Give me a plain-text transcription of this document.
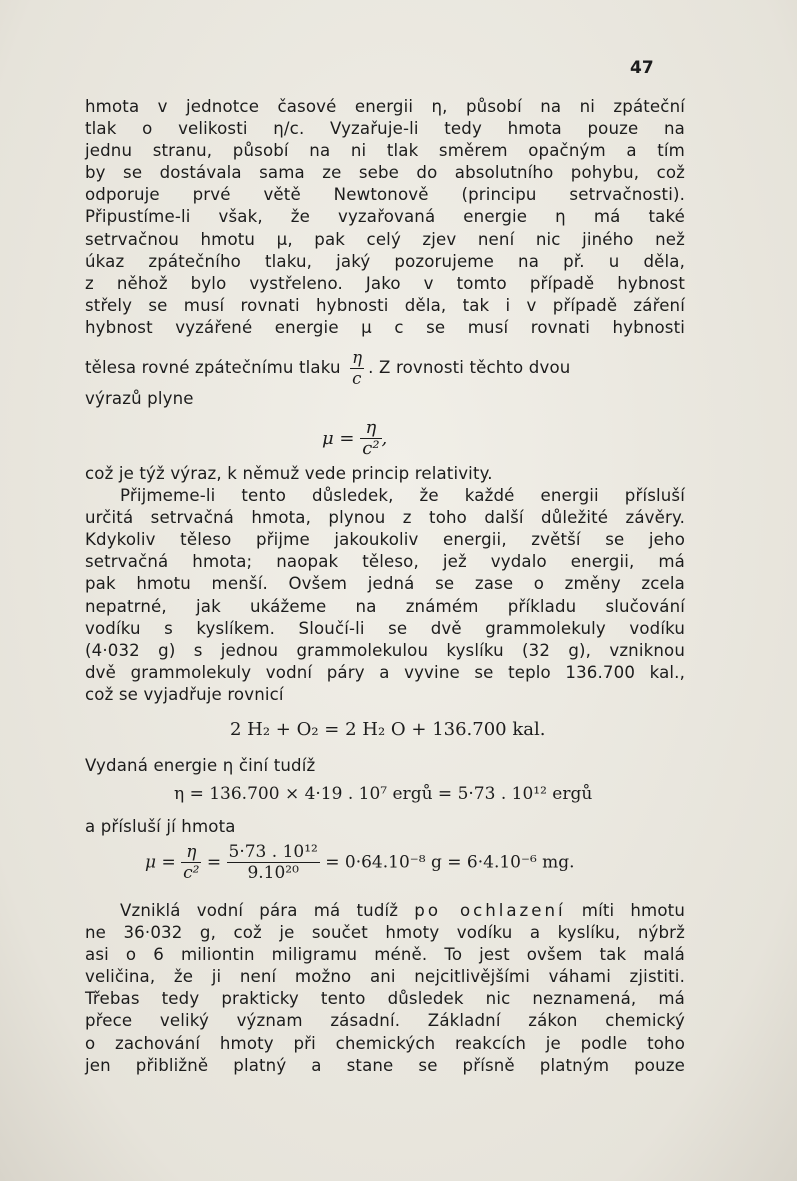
47
hmota v jednotce časové energii η, působí na ni zpáteční
tlak o velikosti η/c. Vyzařuje-li tedy hmota pouze na
jednu stranu, působí na ni tlak směrem opačným a tím
by se dostávala sama ze sebe do absolutního pohybu, což
odporuje prvé větě Newtonově (principu setrvačnosti).
Připustíme-li však, že vyzařovaná energie η má také
setrvačnou hmotu μ, pak celý zjev není nic jiného než
úkaz zpátečního tlaku, jaký pozorujeme na př. u děla,
z něhož bylo vystřeleno. Jako v tomto případě hybnost
střely se musí rovnati hybnosti děla, tak i v případě záření
hybnost vyzářené energie μ c se musí rovnati hybnosti
tělesa rovné zpátečnímu tlaku $\frac{\eta}{c}$ . Z rovnosti těchto dvou
výrazů plyne
$\mu = \frac{\eta}{\text{c²}}$ ,
což je týž výraz, k němuž vede princip relativity.
Přijmeme-li tento důsledek, že každé energii přísluší
určitá setrvačná hmota, plynou z toho další důležité závěry.
Kdykoliv těleso přijme jakoukoliv energii, zvětší se jeho
setrvačná hmota; naopak těleso, jež vydalo energii, má
pak hmotu menší. Ovšem jedná se zase o změny zcela
nepatrné, jak ukážeme na známém příkladu slučování
vodíku s kyslíkem. Sloučí-li se dvě grammolekuly vodíku
(4·032 g) s jednou grammolekulou kyslíku (32 g), vzniknou
dvě grammolekuly vodní páry a vyvine se teplo 136.700 kal.,
což se vyjadřuje rovnicí
2 H₂ + O₂ = 2 H₂ O + 136.700 kal.
Vydaná energie η činí tudíž
η = 136.700 × 4·19 . 10⁷ ergů = 5·73 . 10¹² ergů
a přísluší jí hmota
$\mu = \frac{\eta}{\text{c²}} = \frac{\text{5·73 . 10¹²}}{\text{9.10²⁰}} = 0\cdot 64.10^{-8}$ g = 6·4.10⁻⁶ mg.
Vzniklá vodní pára má tudíž po ochlazení míti hmotu
ne 36·032 g, což je součet hmoty vodíku a kyslíku, nýbrž
asi o 6 miliontin miligramu méně. To jest ovšem tak malá
veličina, že ji není možno ani nejcitlivějšími váhami zjistiti.
Třebas tedy prakticky tento důsledek nic neznamená, má
přece veliký význam zásadní. Základní zákon chemický
o zachování hmoty při chemických reakcích je podle toho
jen přibližně platný a stane se přísně platným pouze
